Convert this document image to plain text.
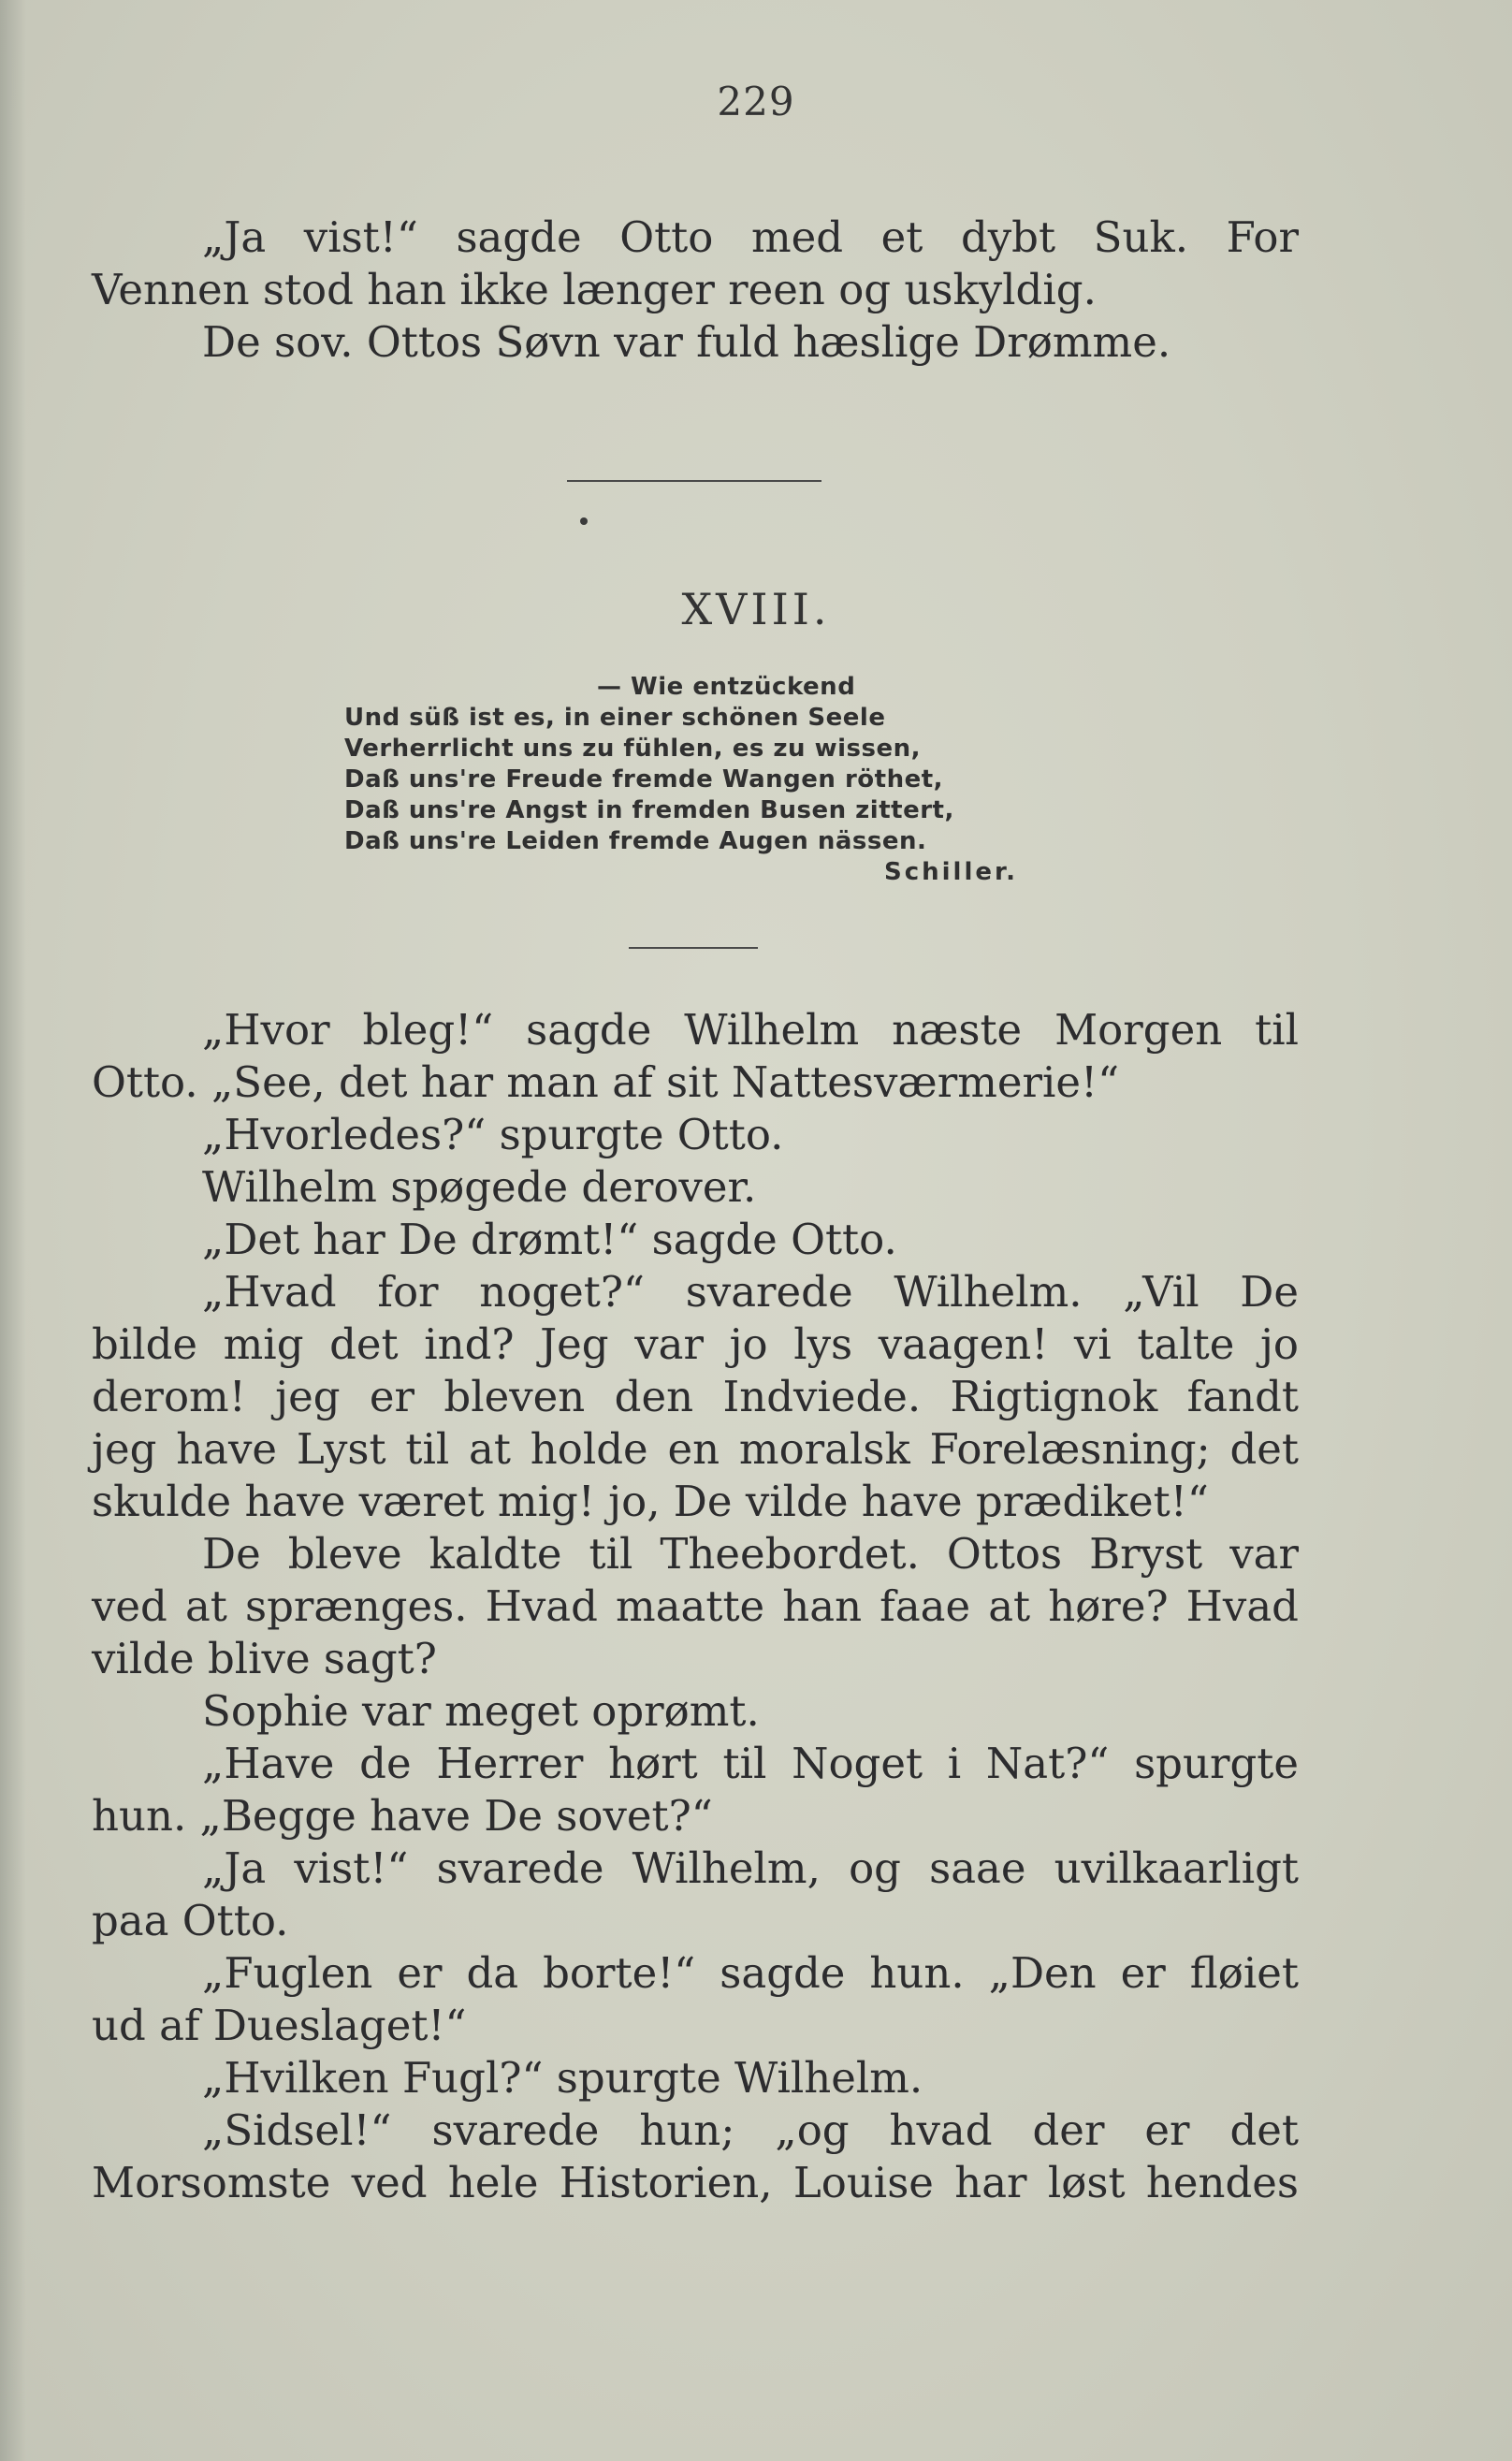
229
„Ja vist!“ sagde Otto med et dybt Suk. For
Vennen stod han ikke længer reen og uskyldig.
De sov. Ottos Søvn var fuld hæslige Drømme.
XVIII.
— Wie entzückend
Und süß ist es, in einer schönen Seele
Verherrlicht uns zu fühlen, es zu wissen,
Daß uns're Freude fremde Wangen röthet,
Daß uns're Angst in fremden Busen zittert,
Daß uns're Leiden fremde Augen nässen.
Schiller.
„Hvor bleg!“ sagde Wilhelm næste Morgen til
Otto. „See, det har man af sit Nattesværmerie!“
„Hvorledes?“ spurgte Otto.
Wilhelm spøgede derover.
„Det har De drømt!“ sagde Otto.
„Hvad for noget?“ svarede Wilhelm. „Vil De
bilde mig det ind? Jeg var jo lys vaagen! vi talte jo
derom! jeg er bleven den Indviede. Rigtignok fandt
jeg have Lyst til at holde en moralsk Forelæsning; det
skulde have været mig! jo, De vilde have prædiket!“
De bleve kaldte til Theebordet. Ottos Bryst var
ved at sprænges. Hvad maatte han faae at høre? Hvad
vilde blive sagt?
Sophie var meget oprømt.
„Have de Herrer hørt til Noget i Nat?“ spurgte
hun. „Begge have De sovet?“
„Ja vist!“ svarede Wilhelm, og saae uvilkaarligt
paa Otto.
„Fuglen er da borte!“ sagde hun. „Den er fløiet
ud af Dueslaget!“
„Hvilken Fugl?“ spurgte Wilhelm.
„Sidsel!“ svarede hun; „og hvad der er det
Morsomste ved hele Historien, Louise har løst hendes
